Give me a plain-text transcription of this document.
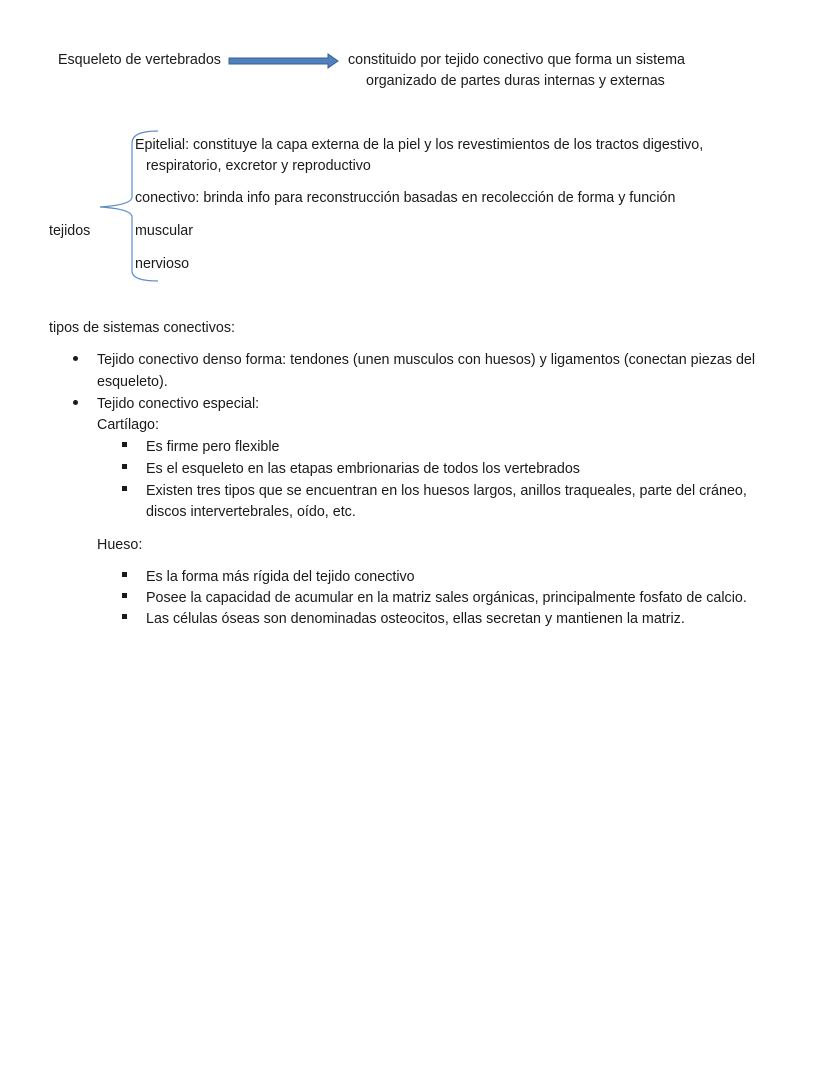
Esqueleto de vertebrados	constituido por tejido conectivo que forma un sistema
organizado de partes duras internas y externas
tejidos
Epitelial: constituye la capa externa de la piel y los revestimientos de los tractos digestivo,
respiratorio, excretor y reproductivo
conectivo: brinda info para reconstrucción basadas en recolección de forma y función
muscular
nervioso
tipos de sistemas conectivos:
Tejido conectivo denso forma: tendones (unen musculos con huesos) y ligamentos (conectan piezas del
esqueleto).
Tejido conectivo especial:
Cartílago:
Es firme pero flexible
Es el esqueleto en las etapas embrionarias de todos los vertebrados
Existen tres tipos que se encuentran en los huesos largos, anillos traqueales, parte del cráneo,
discos intervertebrales, oído, etc.
Hueso:
Es la forma más rígida del tejido conectivo
Posee la capacidad de acumular en la matriz sales orgánicas, principalmente fosfato de calcio.
Las células óseas son denominadas osteocitos, ellas secretan y mantienen la matriz.
